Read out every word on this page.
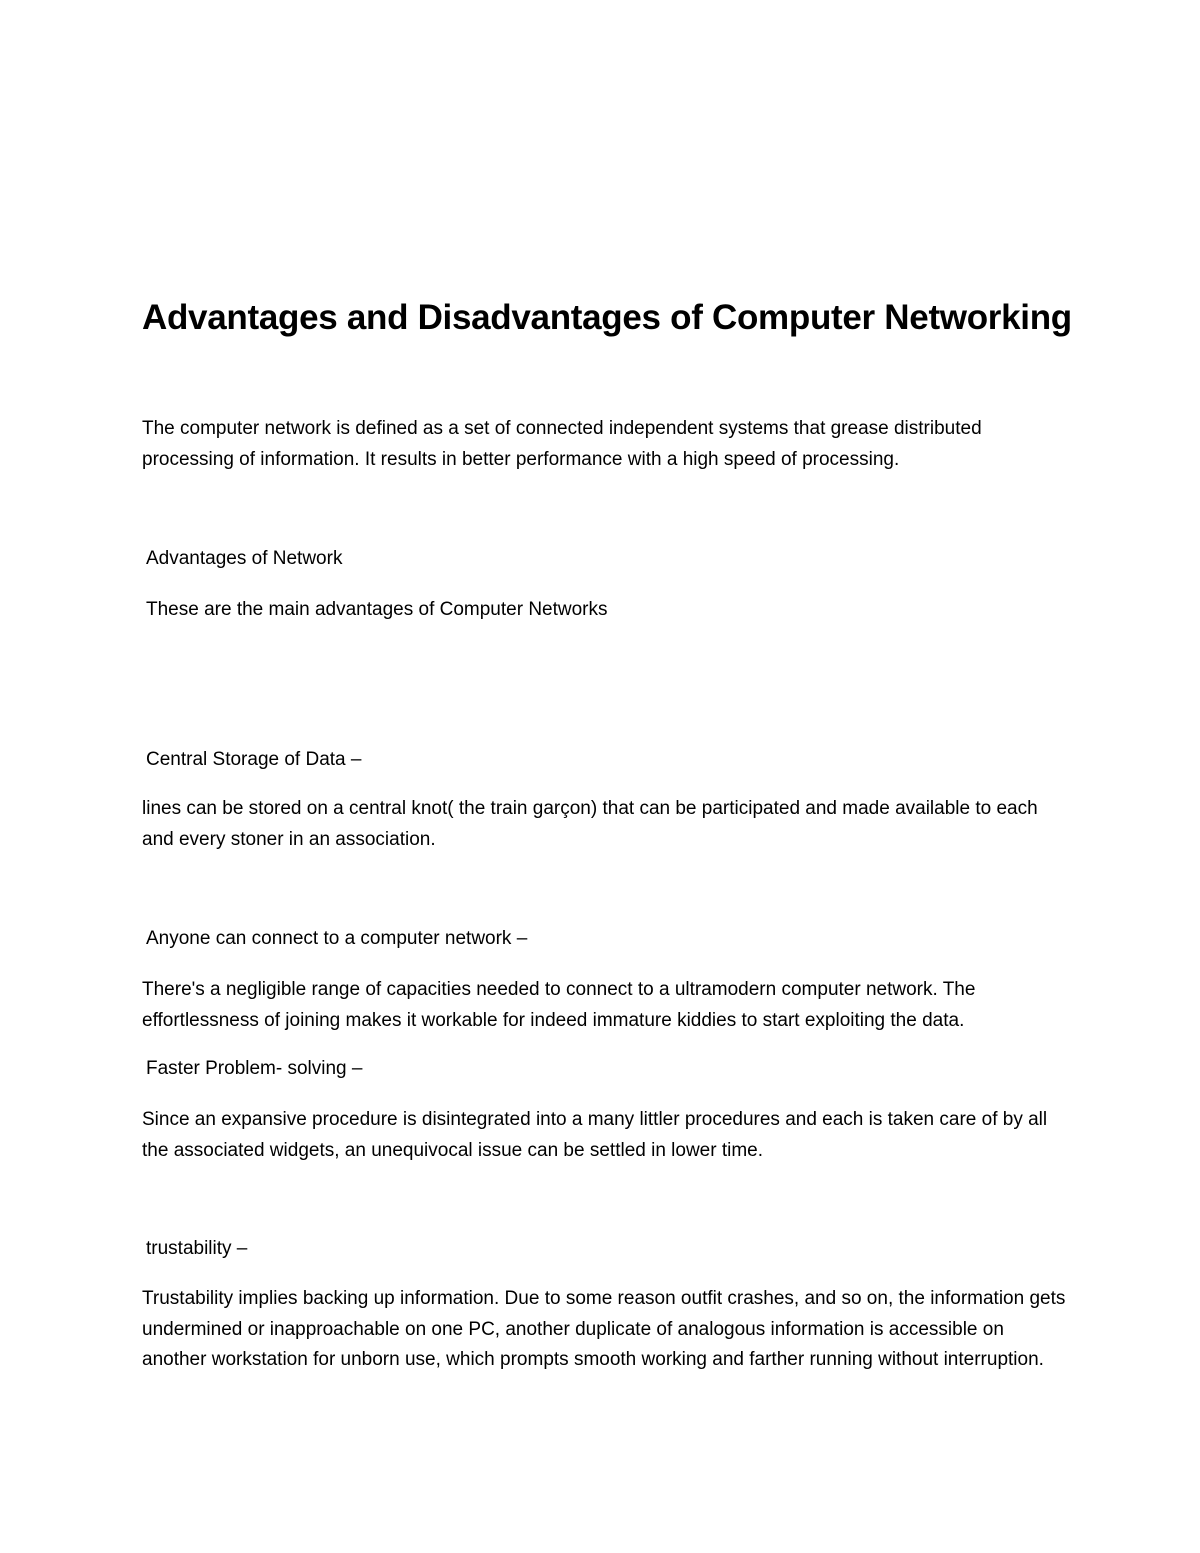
Advantages and Disadvantages of Computer Networking

The computer network is defined as a set of connected independent systems that grease distributed processing of information. It results in better performance with a high speed of processing.

Advantages of Network

These are the main advantages of Computer Networks

Central Storage of Data –

lines can be stored on a central knot( the train garçon) that can be participated and made available to each and every stoner in an association.

Anyone can connect to a computer network –

There's a negligible range of capacities needed to connect to a ultramodern computer network. The effortlessness of joining makes it workable for indeed immature kiddies to start exploiting the data.

Faster Problem- solving –

Since an expansive procedure is disintegrated into a many littler procedures and each is taken care of by all the associated widgets, an unequivocal issue can be settled in lower time.

trustability –

Trustability implies backing up information. Due to some reason outfit crashes, and so on, the information gets undermined or inapproachable on one PC, another duplicate of analogous information is accessible on another workstation for unborn use, which prompts smooth working and farther running without interruption.
